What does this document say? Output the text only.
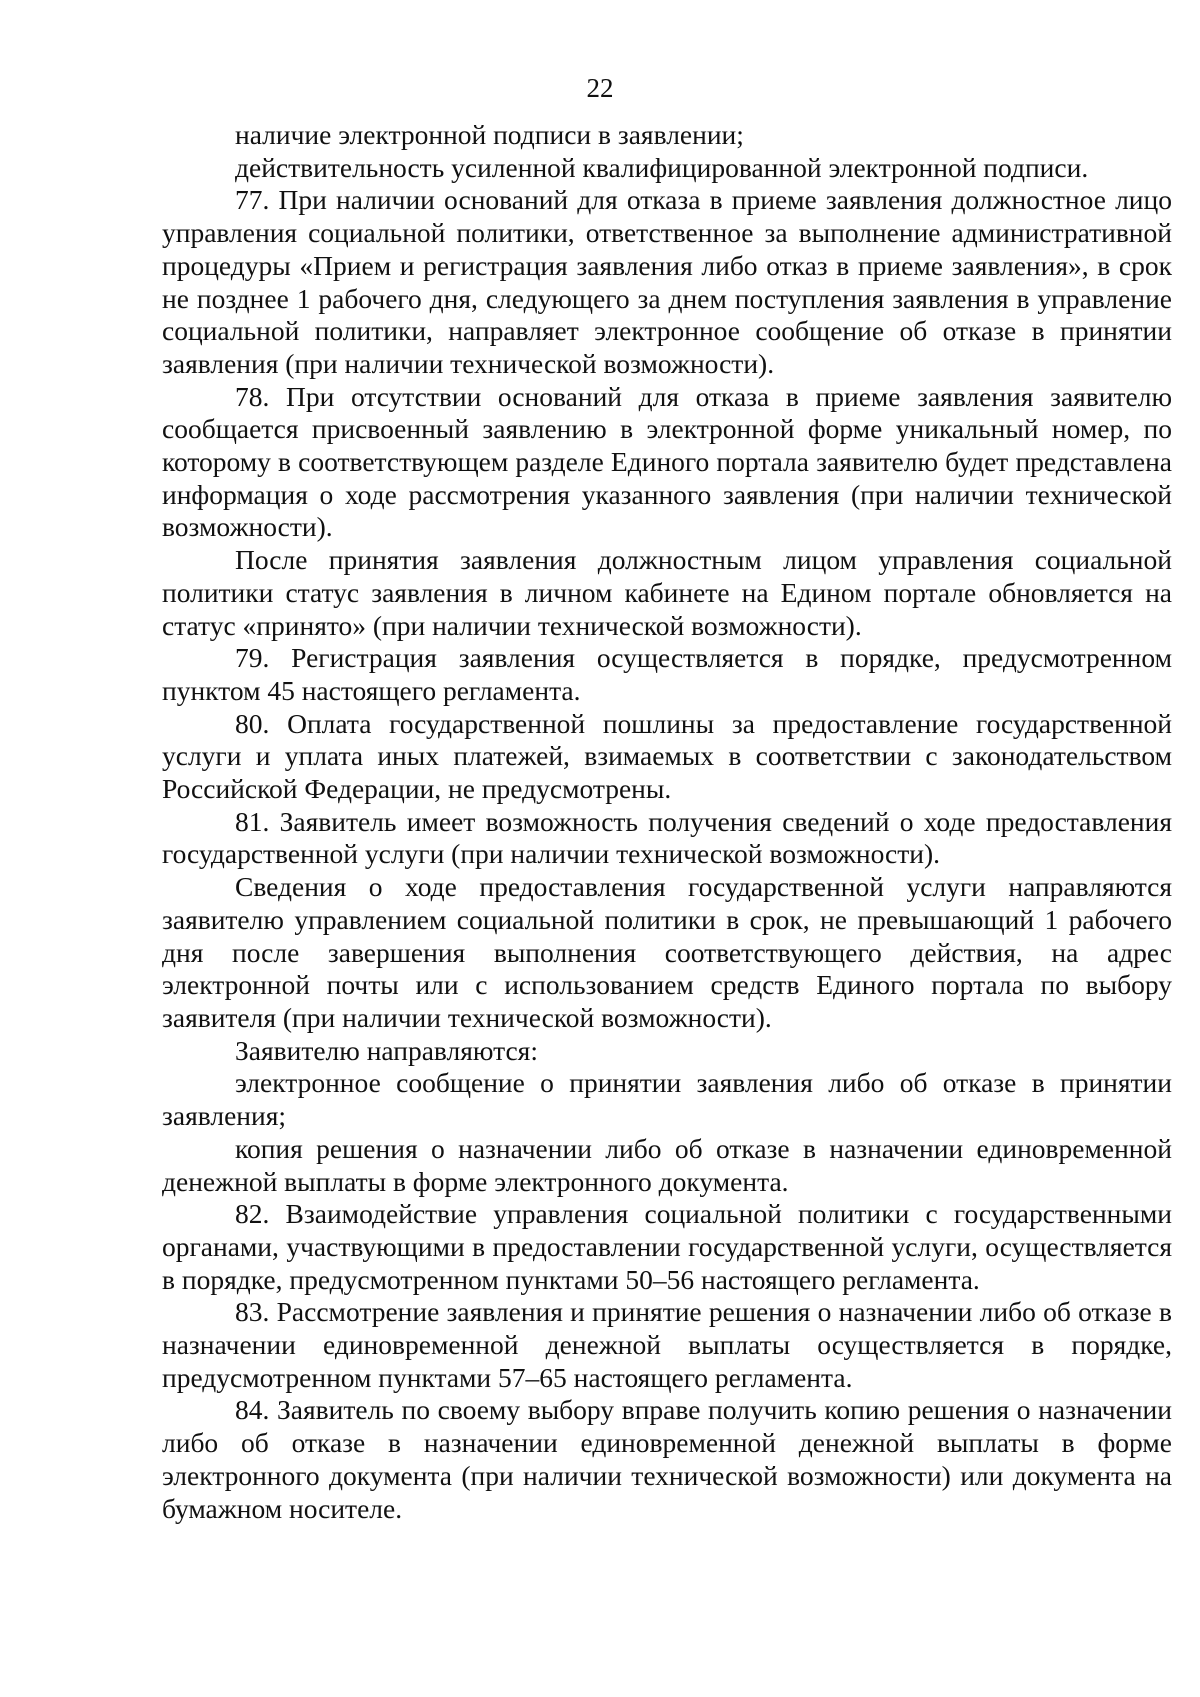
22

наличие электронной подписи в заявлении;

действительность усиленной квалифицированной электронной подписи.

77. При наличии оснований для отказа в приеме заявления должностное лицо управления социальной политики, ответственное за выполнение административной процедуры «Прием и регистрация заявления либо отказ в приеме заявления», в срок не позднее 1 рабочего дня, следующего за днем поступления заявления в управление социальной политики, направляет электронное сообщение об отказе в принятии заявления (при наличии технической возможности).

78. При отсутствии оснований для отказа в приеме заявления заявителю сообщается присвоенный заявлению в электронной форме уникальный номер, по которому в соответствующем разделе Единого портала заявителю будет представлена информация о ходе рассмотрения указанного заявления (при наличии технической возможности).

После принятия заявления должностным лицом управления социальной политики статус заявления в личном кабинете на Едином портале обновляется на статус «принято» (при наличии технической возможности).

79. Регистрация заявления осуществляется в порядке, предусмотренном пунктом 45 настоящего регламента.

80. Оплата государственной пошлины за предоставление государственной услуги и уплата иных платежей, взимаемых в соответствии с законодательством Российской Федерации, не предусмотрены.

81. Заявитель имеет возможность получения сведений о ходе предоставления государственной услуги (при наличии технической возможности).

Сведения о ходе предоставления государственной услуги направляются заявителю управлением социальной политики в срок, не превышающий 1 рабочего дня после завершения выполнения соответствующего действия, на адрес электронной почты или с использованием средств Единого портала по выбору заявителя (при наличии технической возможности).

Заявителю направляются:

электронное сообщение о принятии заявления либо об отказе в принятии заявления;

копия решения о назначении либо об отказе в назначении единовременной денежной выплаты в форме электронного документа.

82. Взаимодействие управления социальной политики с государственными органами, участвующими в предоставлении государственной услуги, осуществляется в порядке, предусмотренном пунктами 50–56 настоящего регламента.

83. Рассмотрение заявления и принятие решения о назначении либо об отказе в назначении единовременной денежной выплаты осуществляется в порядке, предусмотренном пунктами 57–65 настоящего регламента.

84. Заявитель по своему выбору вправе получить копию решения о назначении либо об отказе в назначении единовременной денежной выплаты в форме электронного документа (при наличии технической возможности) или документа на бумажном носителе.
